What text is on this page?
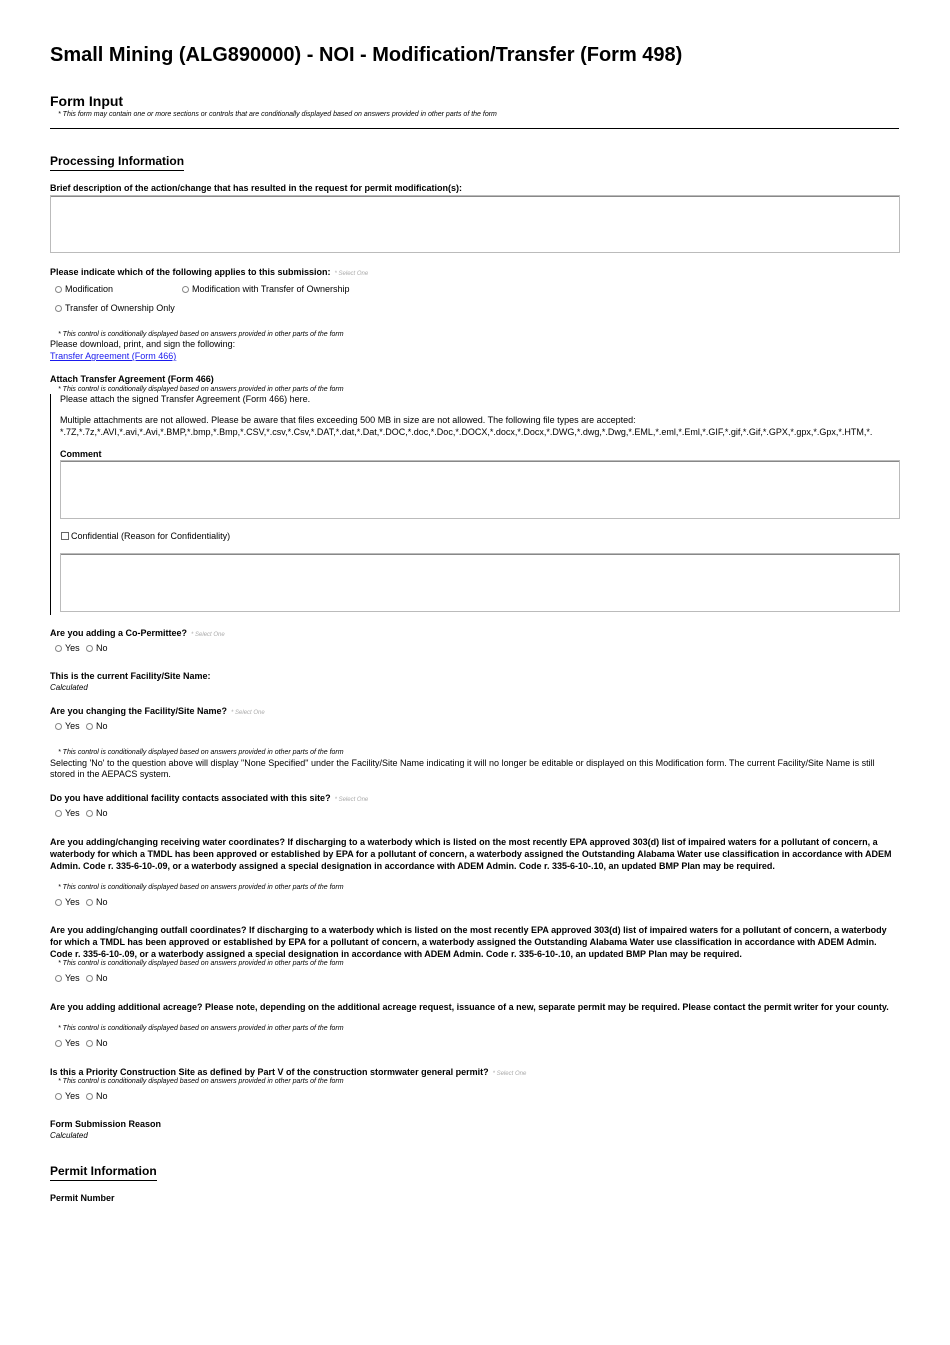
Small Mining (ALG890000) - NOI - Modification/Transfer (Form 498)
Form Input
* This form may contain one or more sections or controls that are conditionally displayed based on answers provided in other parts of the form
Processing Information
Brief description of the action/change that has resulted in the request for permit modification(s):
Please indicate which of the following applies to this submission: * Select One
Modification	Modification with Transfer of Ownership
Transfer of Ownership Only
* This control is conditionally displayed based on answers provided in other parts of the form
Please download, print, and sign the following:
Transfer Agreement (Form 466)
Attach Transfer Agreement (Form 466)
* This control is conditionally displayed based on answers provided in other parts of the form
Please attach the signed Transfer Agreement (Form 466) here.
Multiple attachments are not allowed. Please be aware that files exceeding 500 MB in size are not allowed. The following file types are accepted:
*.7Z,*.7z,*.AVI,*.avi,*.Avi,*.BMP,*.bmp,*.Bmp,*.CSV,*.csv,*.Csv,*.DAT,*.dat,*.Dat,*.DOC,*.doc,*.Doc,*.DOCX,*.docx,*.Docx,*.DWG,*.dwg,*.Dwg,*.EML,*.eml,*.Eml,*.GIF,*.gif,*.Gif,*.GPX,*.gpx,*.Gpx,*.HTM,*.
Comment
Confidential (Reason for Confidentiality)
Are you adding a Co-Permittee? * Select One
Yes No
This is the current Facility/Site Name:
Calculated
Are you changing the Facility/Site Name? * Select One
Yes No
* This control is conditionally displayed based on answers provided in other parts of the form
Selecting 'No' to the question above will display "None Specified" under the Facility/Site Name indicating it will no longer be editable or displayed on this Modification form. The current Facility/Site Name is still stored in the AEPACS system.
Do you have additional facility contacts associated with this site? * Select One
Yes No
Are you adding/changing receiving water coordinates? If discharging to a waterbody which is listed on the most recently EPA approved 303(d) list of impaired waters for a pollutant of concern, a waterbody for which a TMDL has been approved or established by EPA for a pollutant of concern, a waterbody assigned the Outstanding Alabama Water use classification in accordance with ADEM Admin. Code r. 335-6-10-.09, or a waterbody assigned a special designation in accordance with ADEM Admin. Code r. 335-6-10-.10, an updated BMP Plan may be required.
* This control is conditionally displayed based on answers provided in other parts of the form
Yes No
Are you adding/changing outfall coordinates? If discharging to a waterbody which is listed on the most recently EPA approved 303(d) list of impaired waters for a pollutant of concern, a waterbody for which a TMDL has been approved or established by EPA for a pollutant of concern, a waterbody assigned the Outstanding Alabama Water use classification in accordance with ADEM Admin. Code r. 335-6-10-.09, or a waterbody assigned a special designation in accordance with ADEM Admin. Code r. 335-6-10-.10, an updated BMP Plan may be required.
* This control is conditionally displayed based on answers provided in other parts of the form
Yes No
Are you adding additional acreage? Please note, depending on the additional acreage request, issuance of a new, separate permit may be required. Please contact the permit writer for your county.
* This control is conditionally displayed based on answers provided in other parts of the form
Yes No
Is this a Priority Construction Site as defined by Part V of the construction stormwater general permit? * Select One
* This control is conditionally displayed based on answers provided in other parts of the form
Yes No
Form Submission Reason
Calculated
Permit Information
Permit Number
